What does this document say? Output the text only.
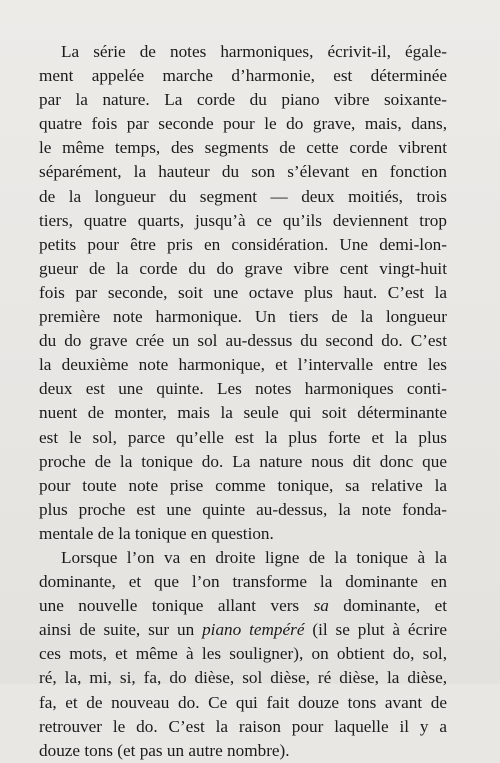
La série de notes harmoniques, écrivit-il, égale-
ment appelée marche d’harmonie, est déterminée
par la nature. La corde du piano vibre soixante-
quatre fois par seconde pour le do grave, mais, dans,
le même temps, des segments de cette corde vibrent
séparément, la hauteur du son s’élevant en fonction
de la longueur du segment — deux moitiés, trois
tiers, quatre quarts, jusqu’à ce qu’ils deviennent trop
petits pour être pris en considération. Une demi-lon-
gueur de la corde du do grave vibre cent vingt-huit
fois par seconde, soit une octave plus haut. C’est la
première note harmonique. Un tiers de la longueur
du do grave crée un sol au-dessus du second do. C’est
la deuxième note harmonique, et l’intervalle entre les
deux est une quinte. Les notes harmoniques conti-
nuent de monter, mais la seule qui soit déterminante
est le sol, parce qu’elle est la plus forte et la plus
proche de la tonique do. La nature nous dit donc que
pour toute note prise comme tonique, sa relative la
plus proche est une quinte au-dessus, la note fonda-
mentale de la tonique en question.
Lorsque l’on va en droite ligne de la tonique à la
dominante, et que l’on transforme la dominante en
une nouvelle tonique allant vers sa dominante, et
ainsi de suite, sur un piano tempéré (il se plut à écrire
ces mots, et même à les souligner), on obtient do, sol,
ré, la, mi, si, fa, do dièse, sol dièse, ré dièse, la dièse,
fa, et de nouveau do. Ce qui fait douze tons avant de
retrouver le do. C’est la raison pour laquelle il y a
douze tons (et pas un autre nombre).
